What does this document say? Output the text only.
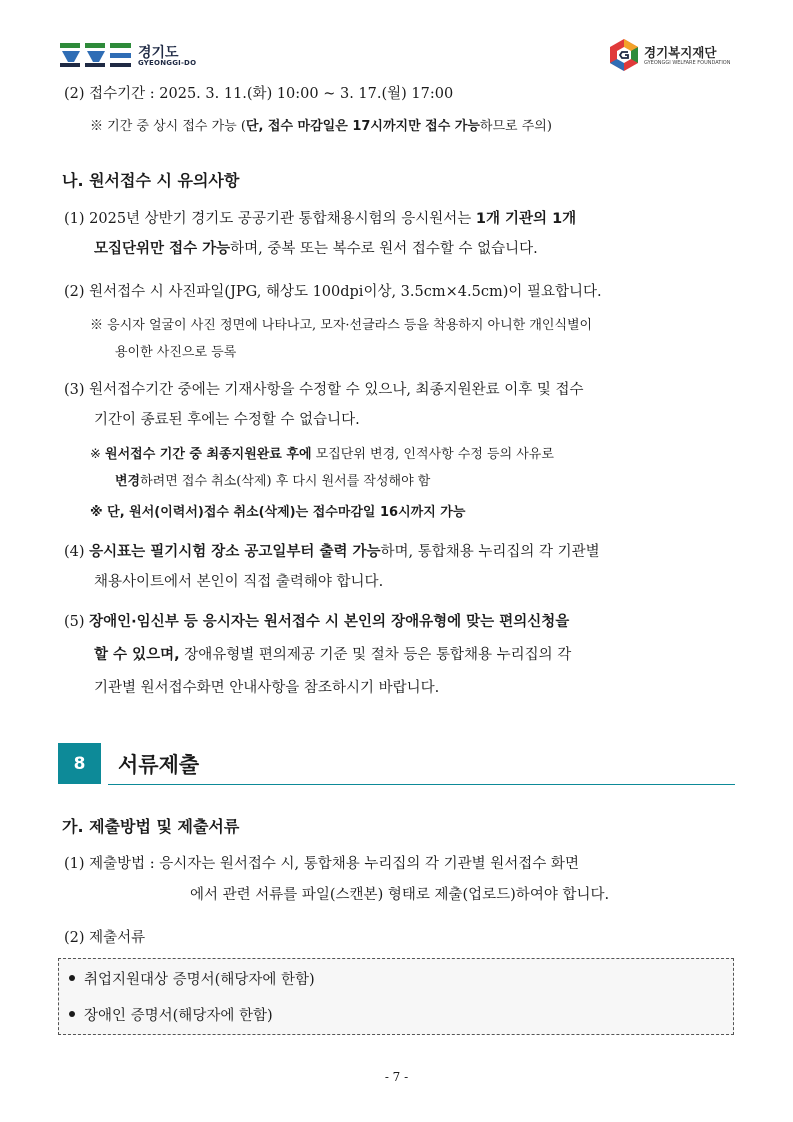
경기도
GYEONGGI-DO
경기복지재단
GYEONGGI WELFARE FOUNDATION
(2) 접수기간 : 2025. 3. 11.(화) 10:00 ~ 3. 17.(월) 17:00
※ 기간 중 상시 접수 가능 (단, 접수 마감일은 17시까지만 접수 가능하므로 주의)
나. 원서접수 시 유의사항
(1) 2025년 상반기 경기도 공공기관 통합채용시험의 응시원서는 1개 기관의 1개
모집단위만 접수 가능하며, 중복 또는 복수로 원서 접수할 수 없습니다.
(2) 원서접수 시 사진파일(JPG, 해상도 100dpi이상, 3.5cm×4.5cm)이 필요합니다.
※ 응시자 얼굴이 사진 정면에 나타나고, 모자·선글라스 등을 착용하지 아니한 개인식별이
용이한 사진으로 등록
(3) 원서접수기간 중에는 기재사항을 수정할 수 있으나, 최종지원완료 이후 및 접수
기간이 종료된 후에는 수정할 수 없습니다.
※ 원서접수 기간 중 최종지원완료 후에 모집단위 변경, 인적사항 수정 등의 사유로
변경하려면 접수 취소(삭제) 후 다시 원서를 작성해야 함
※ 단, 원서(이력서)접수 취소(삭제)는 접수마감일 16시까지 가능
(4) 응시표는 필기시험 장소 공고일부터 출력 가능하며, 통합채용 누리집의 각 기관별
채용사이트에서 본인이 직접 출력해야 합니다.
(5) 장애인·임신부 등 응시자는 원서접수 시 본인의 장애유형에 맞는 편의신청을
할 수 있으며, 장애유형별 편의제공 기준 및 절차 등은 통합채용 누리집의 각
기관별 원서접수화면 안내사항을 참조하시기 바랍니다.
8	서류제출
가. 제출방법 및 제출서류
(1) 제출방법 : 응시자는 원서접수 시, 통합채용 누리집의 각 기관별 원서접수 화면
에서 관련 서류를 파일(스캔본) 형태로 제출(업로드)하여야 합니다.
(2) 제출서류
취업지원대상 증명서(해당자에 한함)
장애인 증명서(해당자에 한함)
- 7 -
